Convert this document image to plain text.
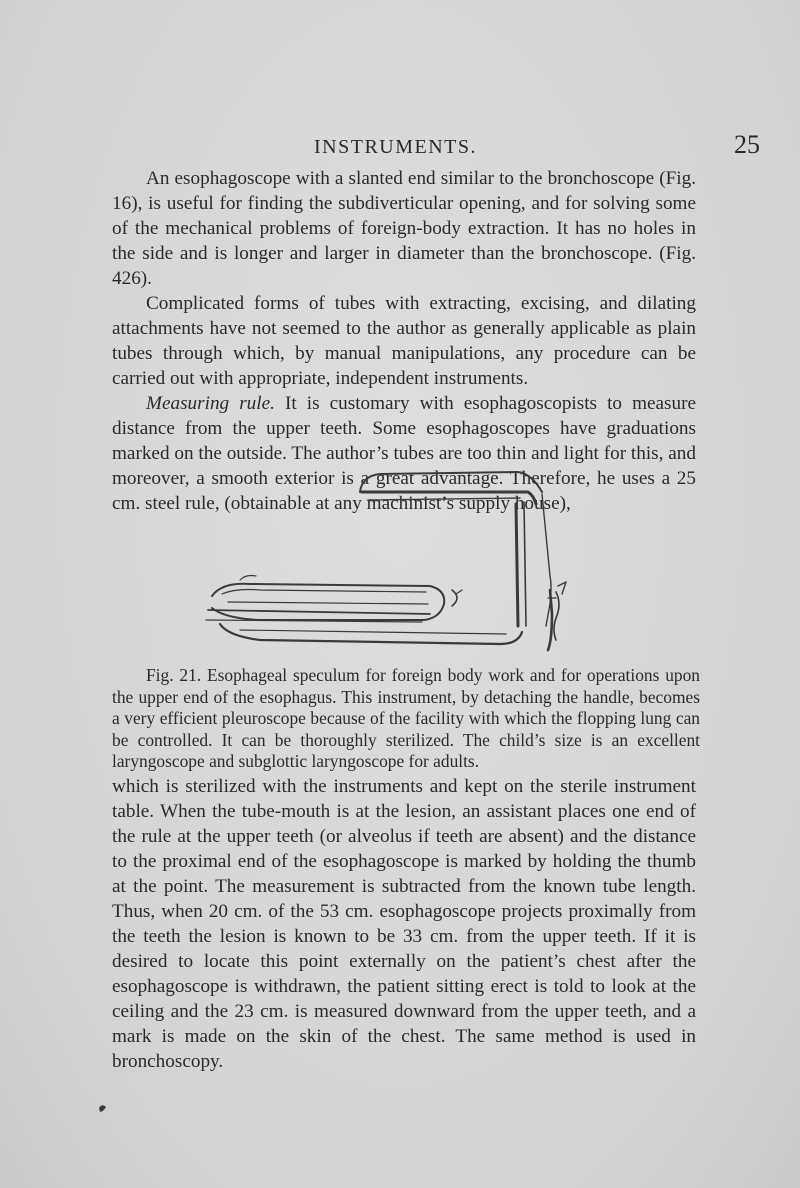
INSTRUMENTS.	25

An esophagoscope with a slanted end similar to the bronchoscope (Fig. 16), is useful for finding the subdiverticular opening, and for solving some of the mechanical problems of foreign-body extraction. It has no holes in the side and is longer and larger in diameter than the bronchoscope. (Fig. 426).

Complicated forms of tubes with extracting, excising, and dilating attachments have not seemed to the author as generally applicable as plain tubes through which, by manual manipulations, any procedure can be carried out with appropriate, independent instruments.

Measuring rule. It is customary with esophagoscopists to measure distance from the upper teeth. Some esophagoscopes have graduations marked on the outside. The author’s tubes are too thin and light for this, and moreover, a smooth exterior is a great advantage. Therefore, he uses a 25 cm. steel rule, (obtainable at any machinist’s supply house),

Fig. 21. Esophageal speculum for foreign body work and for operations upon the upper end of the esophagus. This instrument, by detaching the handle, becomes a very efficient pleuroscope because of the facility with which the flopping lung can be controlled. It can be thoroughly sterilized. The child’s size is an excellent laryngoscope and subglottic laryngoscope for adults.

which is sterilized with the instruments and kept on the sterile instrument table. When the tube-mouth is at the lesion, an assistant places one end of the rule at the upper teeth (or alveolus if teeth are absent) and the distance to the proximal end of the esophagoscope is marked by holding the thumb at the point. The measurement is subtracted from the known tube length. Thus, when 20 cm. of the 53 cm. esophagoscope projects proximally from the teeth the lesion is known to be 33 cm. from the upper teeth. If it is desired to locate this point externally on the patient’s chest after the esophagoscope is withdrawn, the patient sitting erect is told to look at the ceiling and the 23 cm. is measured downward from the upper teeth, and a mark is made on the skin of the chest. The same method is used in bronchoscopy.
